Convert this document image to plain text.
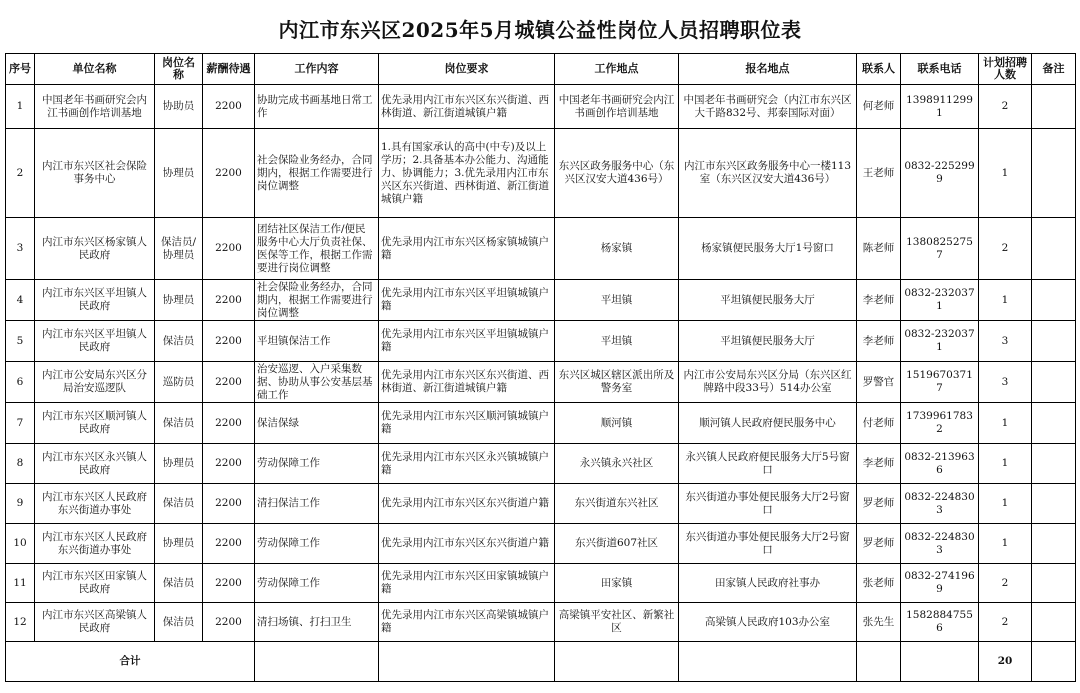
内江市东兴区2025年5月城镇公益性岗位人员招聘职位表
序号	单位名称	岗位名称	薪酬待遇	工作内容	岗位要求	工作地点	报名地点	联系人	联系电话	计划招聘人数	备注
1	中国老年书画研究会内江书画创作培训基地	协助员	2200	协助完成书画基地日常工作	优先录用内江市东兴区东兴街道、西林街道、新江街道城镇户籍	中国老年书画研究会内江书画创作培训基地	中国老年书画研究会（内江市东兴区大千路832号、邦泰国际对面）	何老师	13989112991	2	
2	内江市东兴区社会保险事务中心	协理员	2200	社会保险业务经办，合同期内，根据工作需要进行岗位调整	1.具有国家承认的高中(中专)及以上学历；2.具备基本办公能力、沟通能力、协调能力；3.优先录用内江市东兴区东兴街道、西林街道、新江街道城镇户籍	东兴区政务服务中心（东兴区汉安大道436号）	内江市东兴区政务服务中心一楼113室（东兴区汉安大道436号）	王老师	0832-2252999	1	
3	内江市东兴区杨家镇人民政府	保洁员/协理员	2200	团结社区保洁工作/便民服务中心大厅负责社保、医保等工作，根据工作需要进行岗位调整	优先录用内江市东兴区杨家镇城镇户籍	杨家镇	杨家镇便民服务大厅1号窗口	陈老师	13808252757	2	
4	内江市东兴区平坦镇人民政府	协理员	2200	社会保险业务经办，合同期内，根据工作需要进行岗位调整	优先录用内江市东兴区平坦镇城镇户籍	平坦镇	平坦镇便民服务大厅	李老师	0832-2320371	1	
5	内江市东兴区平坦镇人民政府	保洁员	2200	平坦镇保洁工作	优先录用内江市东兴区平坦镇城镇户籍	平坦镇	平坦镇便民服务大厅	李老师	0832-2320371	3	
6	内江市公安局东兴区分局治安巡逻队	巡防员	2200	治安巡逻、入户采集数据、协助从事公安基层基础工作	优先录用内江市东兴区东兴街道、西林街道、新江街道城镇户籍	东兴区城区辖区派出所及警务室	内江市公安局东兴区分局（东兴区红牌路中段33号）514办公室	罗警官	15196703717	3	
7	内江市东兴区顺河镇人民政府	保洁员	2200	保洁保绿	优先录用内江市东兴区顺河镇城镇户籍	顺河镇	顺河镇人民政府便民服务中心	付老师	17399617832	1	
8	内江市东兴区永兴镇人民政府	协理员	2200	劳动保障工作	优先录用内江市东兴区永兴镇城镇户籍	永兴镇永兴社区	永兴镇人民政府便民服务大厅5号窗口	李老师	0832-2139636	1	
9	内江市东兴区人民政府东兴街道办事处	保洁员	2200	清扫保洁工作	优先录用内江市东兴区东兴街道户籍	东兴街道东兴社区	东兴街道办事处便民服务大厅2号窗口	罗老师	0832-2248303	1	
10	内江市东兴区人民政府东兴街道办事处	协理员	2200	劳动保障工作	优先录用内江市东兴区东兴街道户籍	东兴街道607社区	东兴街道办事处便民服务大厅2号窗口	罗老师	0832-2248303	1	
11	内江市东兴区田家镇人民政府	保洁员	2200	劳动保障工作	优先录用内江市东兴区田家镇城镇户籍	田家镇	田家镇人民政府社事办	张老师	0832-2741969	2	
12	内江市东兴区高梁镇人民政府	保洁员	2200	清扫场镇、打扫卫生	优先录用内江市东兴区高梁镇城镇户籍	高梁镇平安社区、新繁社区	高梁镇人民政府103办公室	张先生	15828847556	2	
合计										20	
